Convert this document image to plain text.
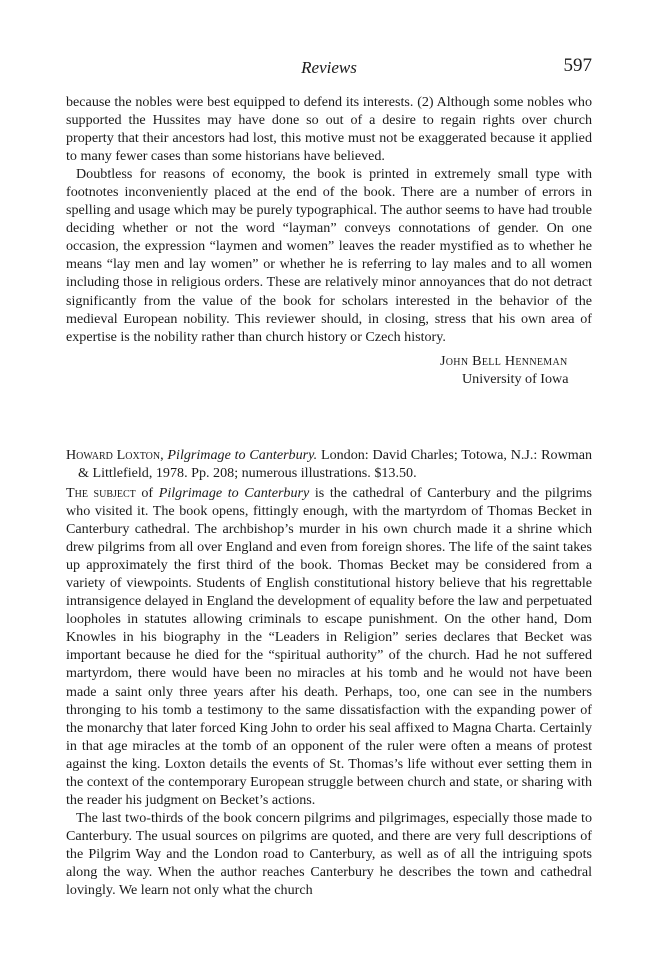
Reviews	597

because the nobles were best equipped to defend its interests. (2) Although some nobles who supported the Hussites may have done so out of a desire to regain rights over church property that their ancestors had lost, this motive must not be exaggerated because it applied to many fewer cases than some historians have believed.

Doubtless for reasons of economy, the book is printed in extremely small type with footnotes inconveniently placed at the end of the book. There are a number of errors in spelling and usage which may be purely typographical. The author seems to have had trouble deciding whether or not the word “layman” conveys connotations of gender. On one occasion, the expression “laymen and women” leaves the reader mystified as to whether he means “lay men and lay women” or whether he is referring to lay males and to all women including those in religious orders. These are relatively minor annoyances that do not detract significantly from the value of the book for scholars interested in the behavior of the medieval European nobility. This reviewer should, in closing, stress that his own area of expertise is the nobility rather than church history or Czech history.

John Bell Henneman
University of Iowa
Howard Loxton, Pilgrimage to Canterbury. London: David Charles; Totowa, N.J.: Rowman & Littlefield, 1978. Pp. 208; numerous illustrations. $13.50.

The subject of Pilgrimage to Canterbury is the cathedral of Canterbury and the pilgrims who visited it. The book opens, fittingly enough, with the martyrdom of Thomas Becket in Canterbury cathedral. The archbishop’s murder in his own church made it a shrine which drew pilgrims from all over England and even from foreign shores. The life of the saint takes up approximately the first third of the book. Thomas Becket may be considered from a variety of viewpoints. Students of English constitutional history believe that his regrettable intransigence delayed in England the development of equality before the law and perpetuated loopholes in statutes allowing criminals to escape punishment. On the other hand, Dom Knowles in his biography in the “Leaders in Religion” series declares that Becket was important because he died for the “spiritual authority” of the church. Had he not suffered martyrdom, there would have been no miracles at his tomb and he would not have been made a saint only three years after his death. Perhaps, too, one can see in the numbers thronging to his tomb a testimony to the same dissatisfaction with the expanding power of the monarchy that later forced King John to order his seal affixed to Magna Charta. Certainly in that age miracles at the tomb of an opponent of the ruler were often a means of protest against the king. Loxton details the events of St. Thomas’s life without ever setting them in the context of the contemporary European struggle between church and state, or sharing with the reader his judgment on Becket’s actions.

The last two-thirds of the book concern pilgrims and pilgrimages, especially those made to Canterbury. The usual sources on pilgrims are quoted, and there are very full descriptions of the Pilgrim Way and the London road to Canterbury, as well as of all the intriguing spots along the way. When the author reaches Canterbury he describes the town and cathedral lovingly. We learn not only what the church
